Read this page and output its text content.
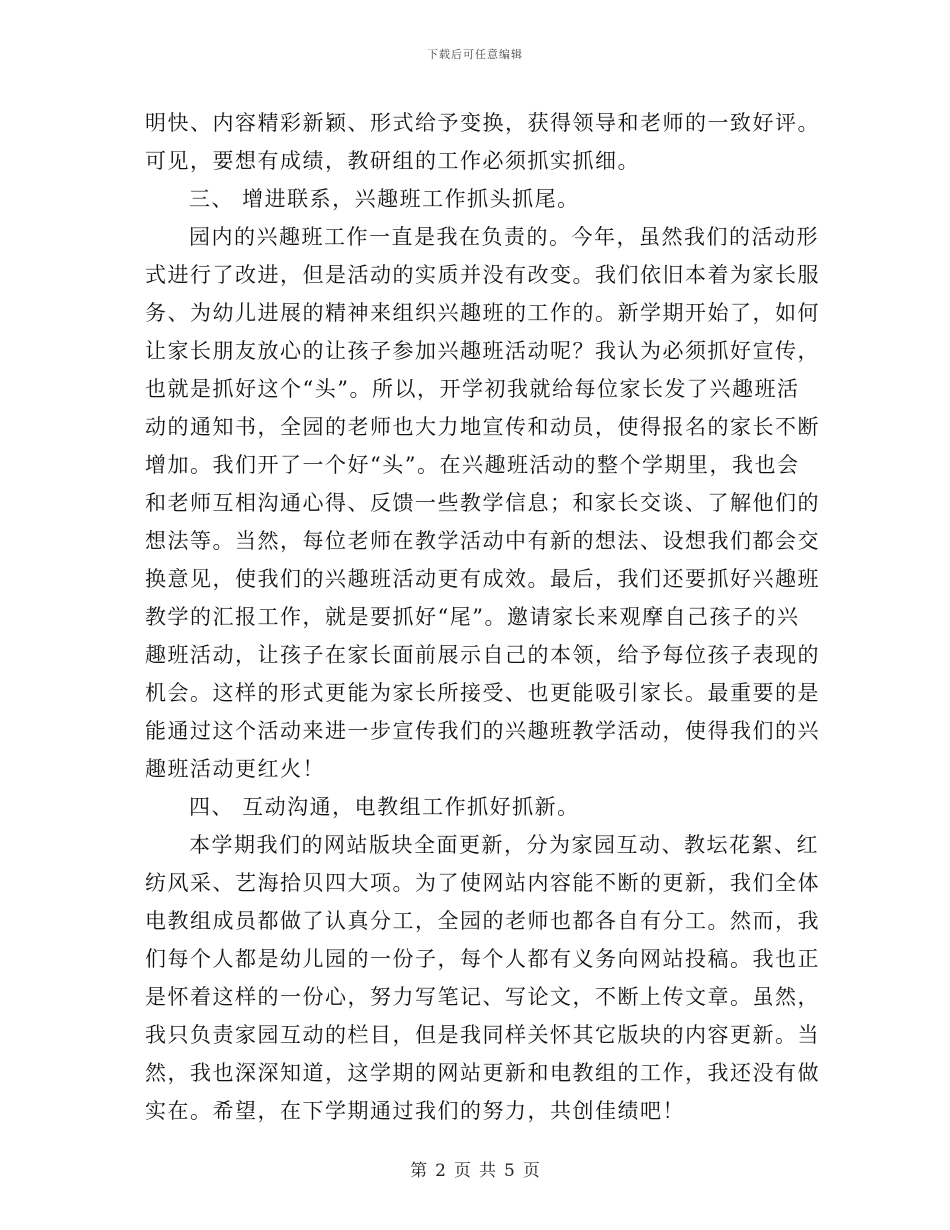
下载后可任意编辑
明快、内容精彩新颖、形式给予变换，获得领导和老师的一致好评。
可见，要想有成绩，教研组的工作必须抓实抓细。
三、 增进联系，兴趣班工作抓头抓尾。
园内的兴趣班工作一直是我在负责的。今年，虽然我们的活动形
式进行了改进，但是活动的实质并没有改变。我们依旧本着为家长服
务、为幼儿进展的精神来组织兴趣班的工作的。新学期开始了，如何
让家长朋友放心的让孩子参加兴趣班活动呢？我认为必须抓好宣传，
也就是抓好这个“头”。所以，开学初我就给每位家长发了兴趣班活
动的通知书，全园的老师也大力地宣传和动员，使得报名的家长不断
增加。我们开了一个好“头”。在兴趣班活动的整个学期里，我也会
和老师互相沟通心得、反馈一些教学信息；和家长交谈、了解他们的
想法等。当然，每位老师在教学活动中有新的想法、设想我们都会交
换意见，使我们的兴趣班活动更有成效。最后，我们还要抓好兴趣班
教学的汇报工作，就是要抓好“尾”。邀请家长来观摩自己孩子的兴
趣班活动，让孩子在家长面前展示自己的本领，给予每位孩子表现的
机会。这样的形式更能为家长所接受、也更能吸引家长。最重要的是
能通过这个活动来进一步宣传我们的兴趣班教学活动，使得我们的兴
趣班活动更红火！
四、 互动沟通，电教组工作抓好抓新。
本学期我们的网站版块全面更新，分为家园互动、教坛花絮、红
纺风采、艺海拾贝四大项。为了使网站内容能不断的更新，我们全体
电教组成员都做了认真分工，全园的老师也都各自有分工。然而，我
们每个人都是幼儿园的一份子，每个人都有义务向网站投稿。我也正
是怀着这样的一份心，努力写笔记、写论文，不断上传文章。虽然，
我只负责家园互动的栏目，但是我同样关怀其它版块的内容更新。当
然，我也深深知道，这学期的网站更新和电教组的工作，我还没有做
实在。希望，在下学期通过我们的努力，共创佳绩吧！
第 2 页 共 5 页
